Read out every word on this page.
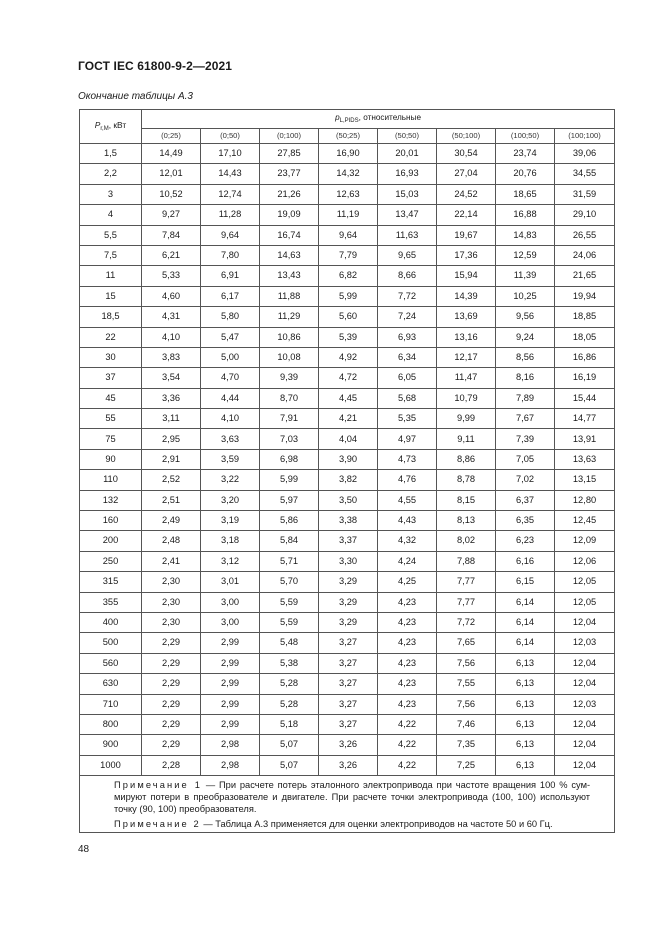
ГОСТ IEC 61800-9-2—2021

Окончание таблицы А.3

$P_{r,M}$, кВт	$p_{L,PIDS}$, относительные							
	(0;25)	(0;50)	(0;100)	(50;25)	(50;50)	(50;100)	(100;50)	(100;100)
1,5	14,49	17,10	27,85	16,90	20,01	30,54	23,74	39,06
2,2	12,01	14,43	23,77	14,32	16,93	27,04	20,76	34,55
3	10,52	12,74	21,26	12,63	15,03	24,52	18,65	31,59
4	9,27	11,28	19,09	11,19	13,47	22,14	16,88	29,10
5,5	7,84	9,64	16,74	9,64	11,63	19,67	14,83	26,55
7,5	6,21	7,80	14,63	7,79	9,65	17,36	12,59	24,06
11	5,33	6,91	13,43	6,82	8,66	15,94	11,39	21,65
15	4,60	6,17	11,88	5,99	7,72	14,39	10,25	19,94
18,5	4,31	5,80	11,29	5,60	7,24	13,69	9,56	18,85
22	4,10	5,47	10,86	5,39	6,93	13,16	9,24	18,05
30	3,83	5,00	10,08	4,92	6,34	12,17	8,56	16,86
37	3,54	4,70	9,39	4,72	6,05	11,47	8,16	16,19
45	3,36	4,44	8,70	4,45	5,68	10,79	7,89	15,44
55	3,11	4,10	7,91	4,21	5,35	9,99	7,67	14,77
75	2,95	3,63	7,03	4,04	4,97	9,11	7,39	13,91
90	2,91	3,59	6,98	3,90	4,73	8,86	7,05	13,63
110	2,52	3,22	5,99	3,82	4,76	8,78	7,02	13,15
132	2,51	3,20	5,97	3,50	4,55	8,15	6,37	12,80
160	2,49	3,19	5,86	3,38	4,43	8,13	6,35	12,45
200	2,48	3,18	5,84	3,37	4,32	8,02	6,23	12,09
250	2,41	3,12	5,71	3,30	4,24	7,88	6,16	12,06
315	2,30	3,01	5,70	3,29	4,25	7,77	6,15	12,05
355	2,30	3,00	5,59	3,29	4,23	7,77	6,14	12,05
400	2,30	3,00	5,59	3,29	4,23	7,72	6,14	12,04
500	2,29	2,99	5,48	3,27	4,23	7,65	6,14	12,03
560	2,29	2,99	5,38	3,27	4,23	7,56	6,13	12,04
630	2,29	2,99	5,28	3,27	4,23	7,55	6,13	12,04
710	2,29	2,99	5,28	3,27	4,23	7,56	6,13	12,03
800	2,29	2,99	5,18	3,27	4,22	7,46	6,13	12,04
900	2,29	2,98	5,07	3,26	4,22	7,35	6,13	12,04
1000	2,28	2,98	5,07	3,26	4,22	7,25	6,13	12,04

Примечание 1 — При расчете потерь эталонного электропривода при частоте вращения 100 % суммируют потери в преобразователе и двигателе. При расчете точки электропривода (100, 100) используют точку (90, 100) преобразователя.

Примечание 2 — Таблица А.3 применяется для оценки электроприводов на частоте 50 и 60 Гц.								

48
